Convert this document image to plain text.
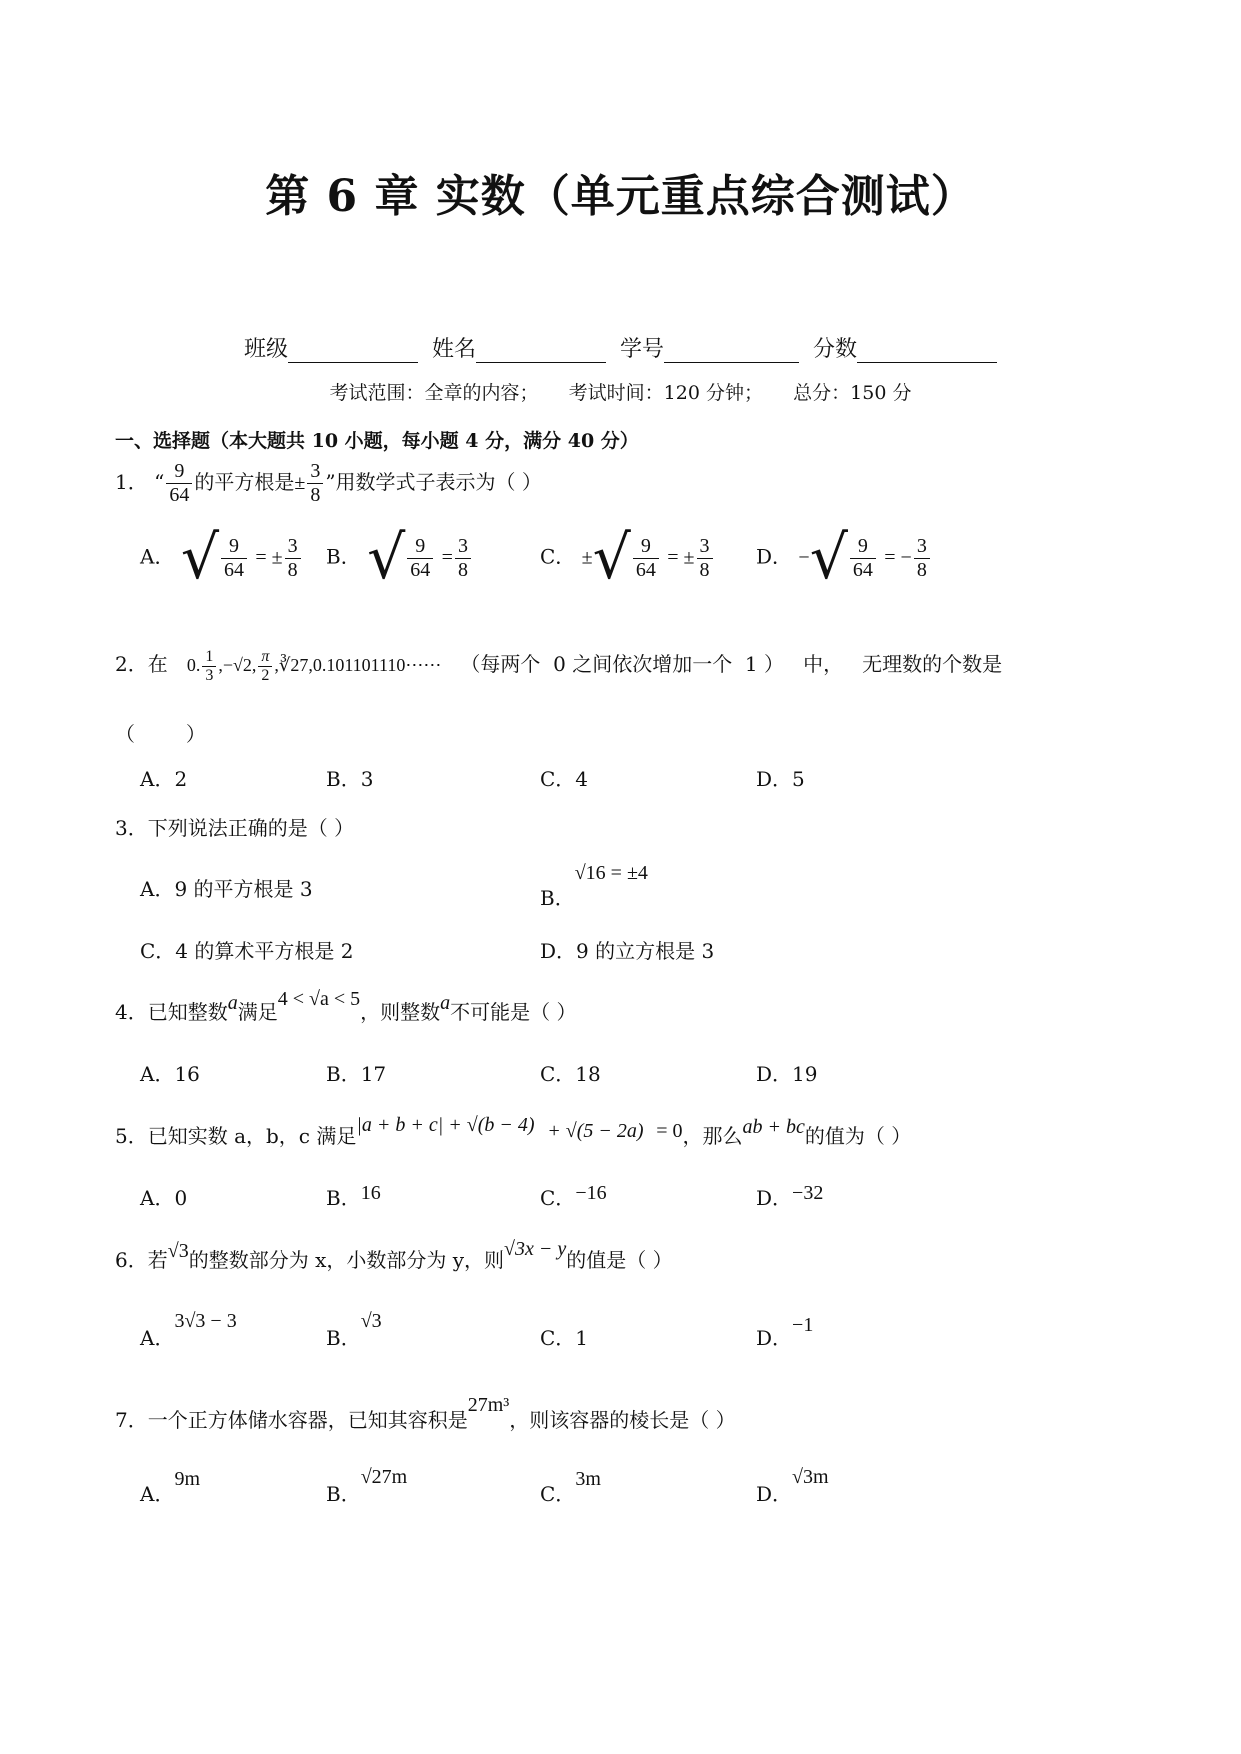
第 6 章 实数（单元重点综合测试）
班级	姓名	学号	分数
考试范围：全章的内容；     考试时间：120 分钟；     总分：150 分
一、选择题（本大题共 10 小题，每小题 4 分，满分 40 分）
1． “ $\frac{9}{64}$ 的平方根是± $\frac{3}{8}$ ”用数学式子表示为（ ）
A． √ $\frac{9}{64}$ = ± $\frac{3}{8}$ B． √ $\frac{9}{64} = \frac{3}{8}$	C． ±√ $\frac{9}{64}$ = ± $\frac{3}{8}$ D． −√ $\frac{9}{64}$ = − $\frac{3}{8}$
2．在 0. $\frac{1}{3} ,-√2$, $\frac{\pi}{2}$ ,∛27,0.101101110⋯⋯ （每两个  0 之间依次增加一个  1 ）   中，   无理数的个数是
（        ）
A．2	B．3	C．4	D．5
3．下列说法正确的是（ ）
A．9 的平方根是 3	B．√16 = ±4
C．4 的算术平方根是 2	D．9 的立方根是 3
4．已知整数a满足4 < √a < 5，则整数a不可能是（ ）
A．16	B．17	C．18	D．19
5．已知实数 a，b，c 满足|a + b + c| + √(b − 4) + √(5 − 2a) = 0，那么ab + bc的值为（ ）
A．0	B．16	C．−16	D．−32
6．若√3的整数部分为 x，小数部分为 y，则√3x − y的值是（ ）
A．3√3 − 3
B．√3
C．1	D．−1
7．一个正方体储水容器，已知其容积是27m³，则该容器的棱长是（ ）
A．9m
B．√27m
C．3m
D．√3m
